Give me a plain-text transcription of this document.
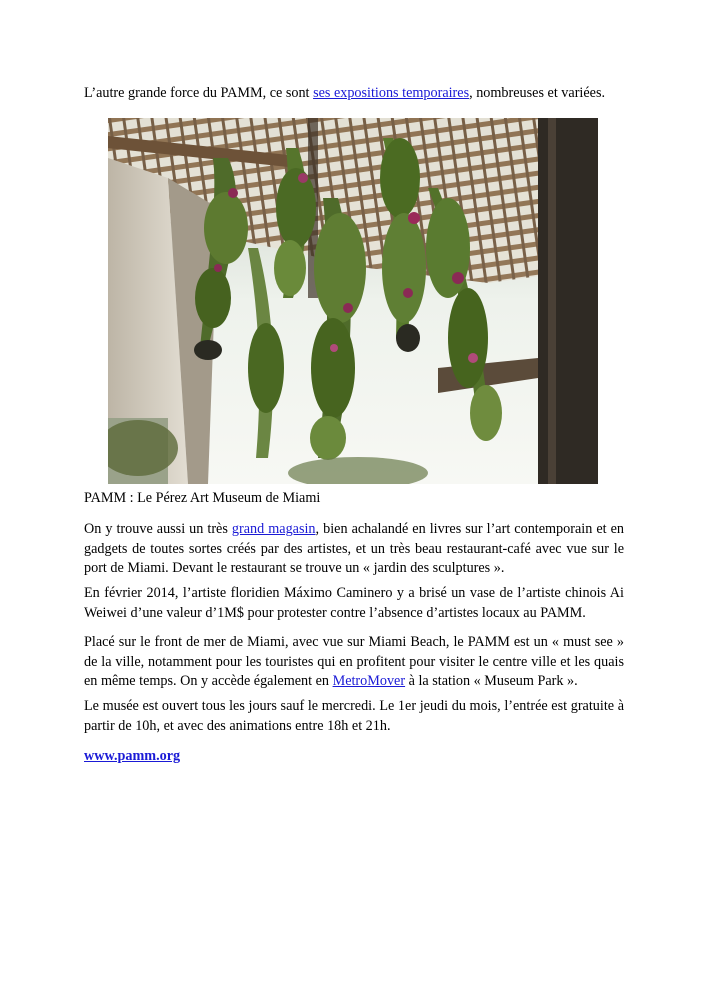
L’autre grande force du PAMM, ce sont ses expositions temporaires, nombreuses et variées.

PAMM : Le Pérez Art Museum de Miami

On y trouve aussi un très grand magasin, bien achalandé en livres sur l’art contemporain et en gadgets de toutes sortes créés par des artistes, et un très beau restaurant-café avec vue sur le port de Miami. Devant le restaurant se trouve un « jardin des sculptures ».

En février 2014, l’artiste floridien Máximo Caminero y a brisé un vase de l’artiste chinois Ai Weiwei d’une valeur d’1M$ pour protester contre l’absence d’artistes locaux au PAMM.

Placé sur le front de mer de Miami, avec vue sur Miami Beach, le PAMM est un « must see » de la ville, notamment pour les touristes qui en profitent pour visiter le centre ville et les quais en même temps. On y accède également en MetroMover à la station « Museum Park ».

Le musée est ouvert tous les jours sauf le mercredi. Le 1er jeudi du mois, l’entrée est gratuite à partir de 10h, et avec des animations entre 18h et 21h.

www.pamm.org
